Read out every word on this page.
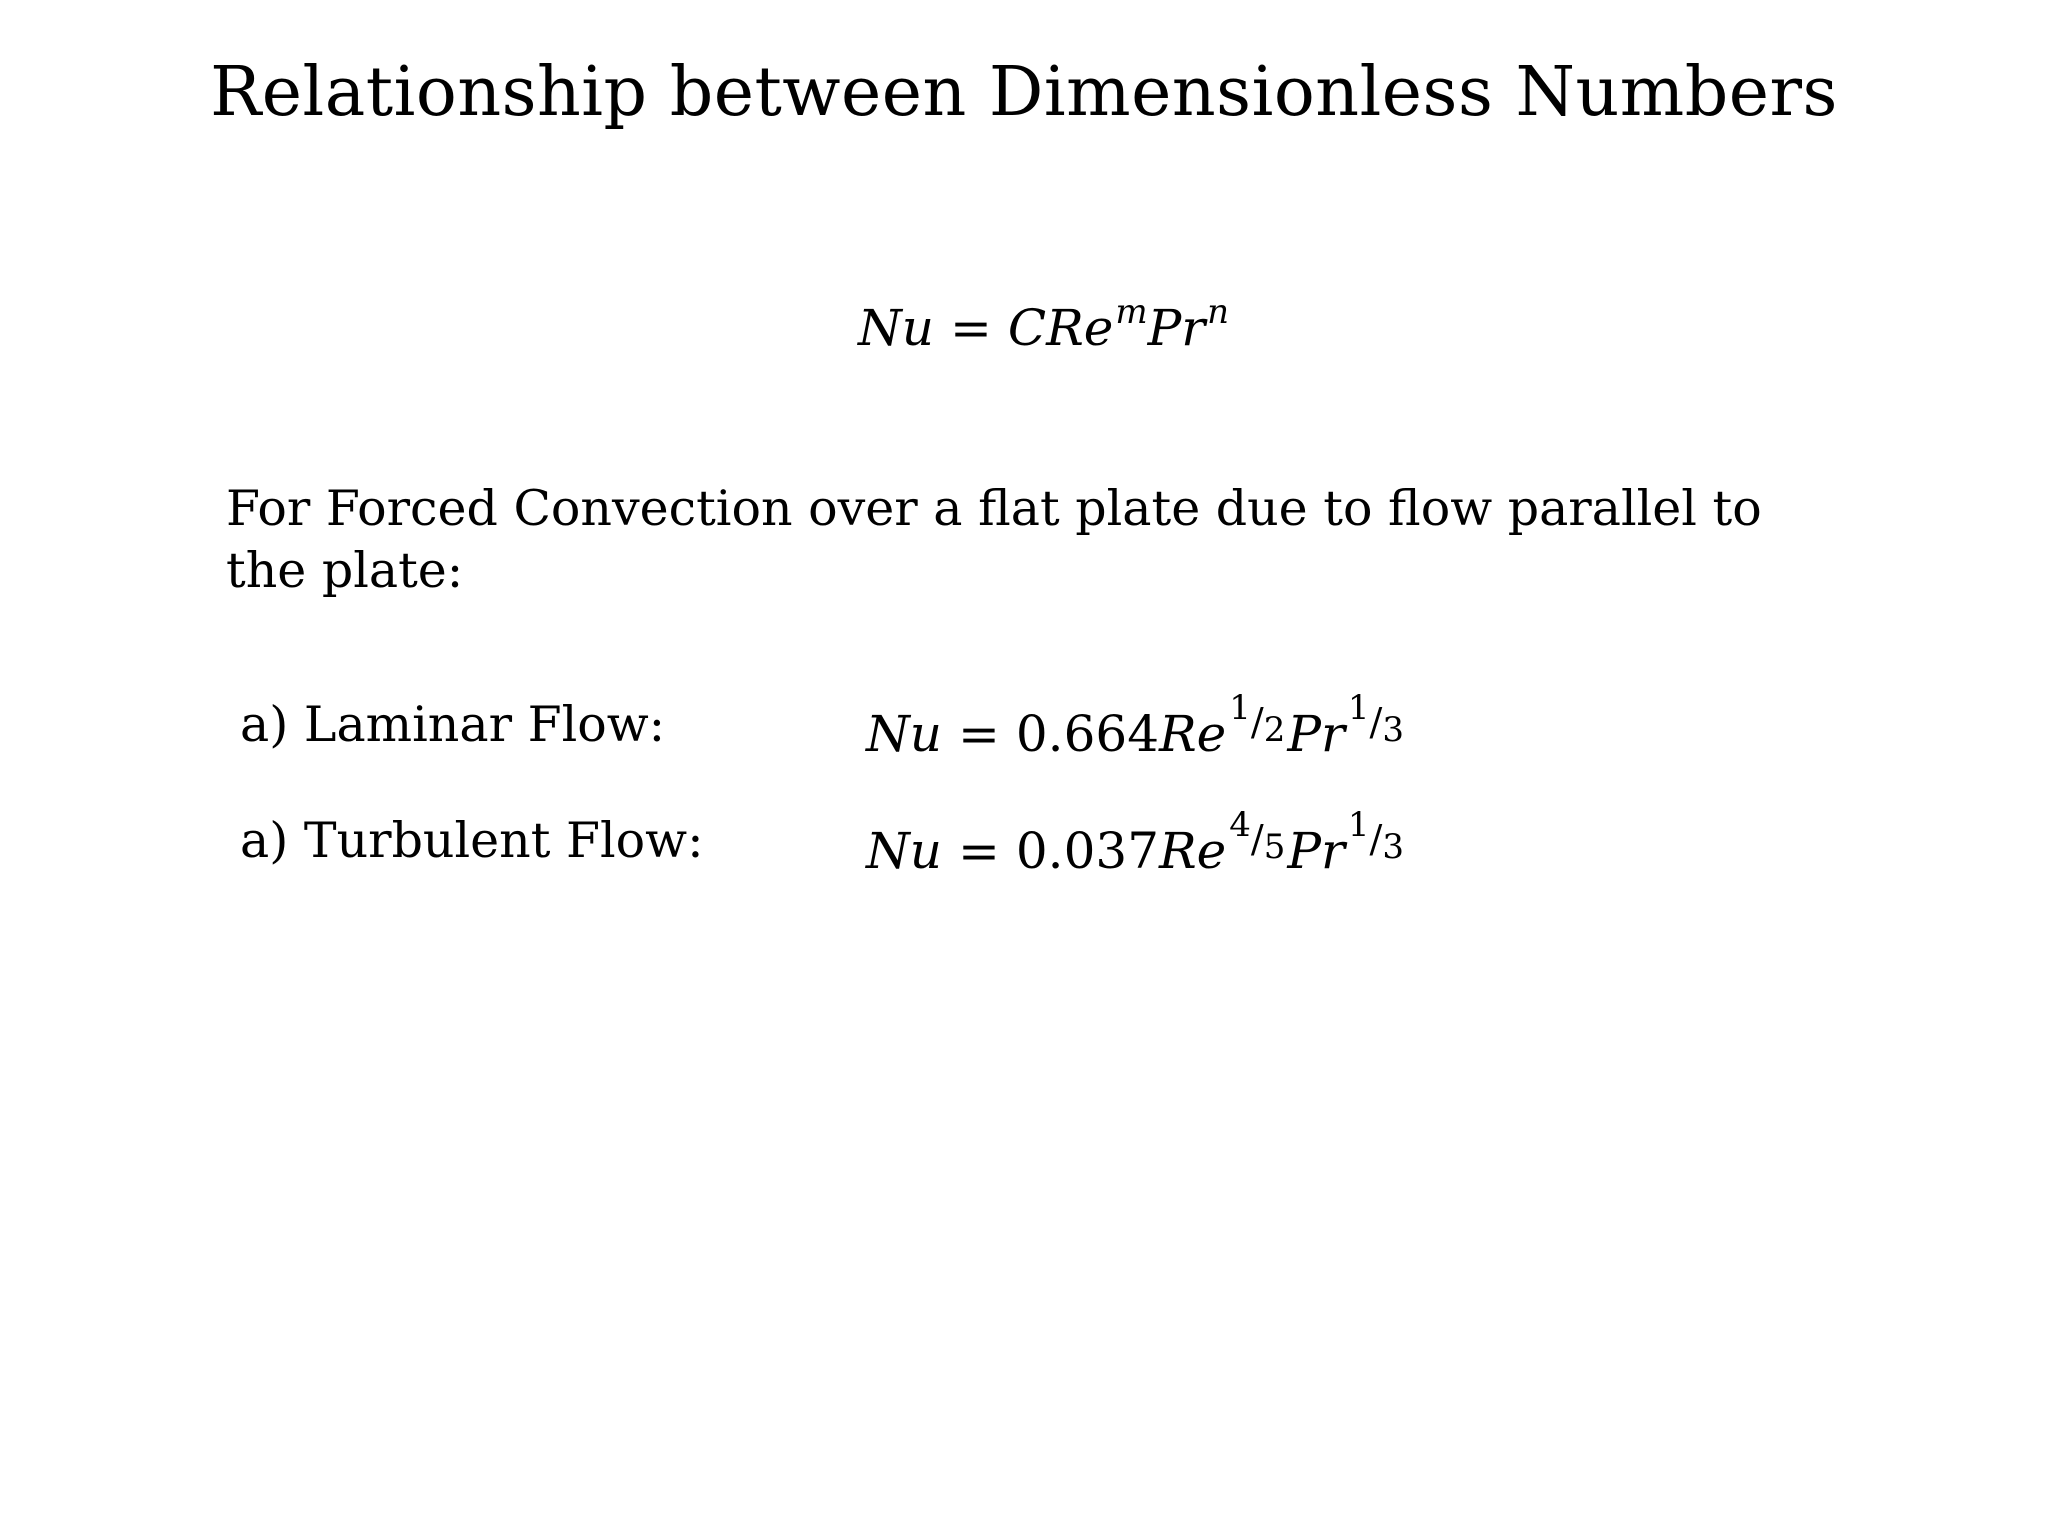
Relationship between Dimensionless Numbers
$Nu = CRe^mPr^n$
For Forced Convection over a flat plate due to flow parallel to the plate:
a) Laminar Flow:	$Nu = 0.664Re^{1/2}Pr^{1/3}$
a) Turbulent Flow:	$Nu = 0.037Re^{4/5}Pr^{1/3}$
